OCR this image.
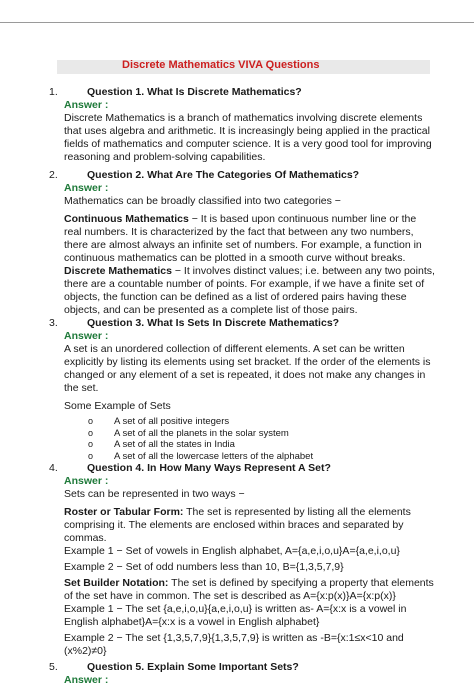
Discrete Mathematics VIVA Questions
1.	Question 1. What Is Discrete Mathematics?
Answer :
Discrete Mathematics is a branch of mathematics involving discrete elements that uses algebra and arithmetic. It is increasingly being applied in the practical fields of mathematics and computer science. It is a very good tool for improving reasoning and problem-solving capabilities.
2.	Question 2. What Are The Categories Of Mathematics?
Answer :
Mathematics can be broadly classified into two categories −
Continuous Mathematics − It is based upon continuous number line or the real numbers. It is characterized by the fact that between any two numbers, there are almost always an infinite set of numbers. For example, a function in continuous mathematics can be plotted in a smooth curve without breaks.
Discrete Mathematics − It involves distinct values; i.e. between any two points, there are a countable number of points. For example, if we have a finite set of objects, the function can be defined as a list of ordered pairs having these objects, and can be presented as a complete list of those pairs.
3.	Question 3. What Is Sets In Discrete Mathematics?
Answer :
A set is an unordered collection of different elements. A set can be written explicitly by listing its elements using set bracket. If the order of the elements is changed or any element of a set is repeated, it does not make any changes in the set.
Some Example of Sets
o A set of all positive integers
o A set of all the planets in the solar system
o A set of all the states in India
o A set of all the lowercase letters of the alphabet
4.	Question 4. In How Many Ways Represent A Set?
Answer :
Sets can be represented in two ways −
Roster or Tabular Form: The set is represented by listing all the elements comprising it. The elements are enclosed within braces and separated by commas.
Example 1 − Set of vowels in English alphabet, A={a,e,i,o,u}A={a,e,i,o,u}
Example 2 − Set of odd numbers less than 10, B={1,3,5,7,9}
Set Builder Notation: The set is defined by specifying a property that elements of the set have in common. The set is described as A={x:p(x)}A={x:p(x)}
Example 1 − The set {a,e,i,o,u}{a,e,i,o,u} is written as- A={x:x is a vowel in English alphabet}A={x:x is a vowel in English alphabet}
Example 2 − The set {1,3,5,7,9}{1,3,5,7,9} is written as -B={x:1≤x<10 and (x%2)≠0}
5.	Question 5. Explain Some Important Sets?
Answer :
